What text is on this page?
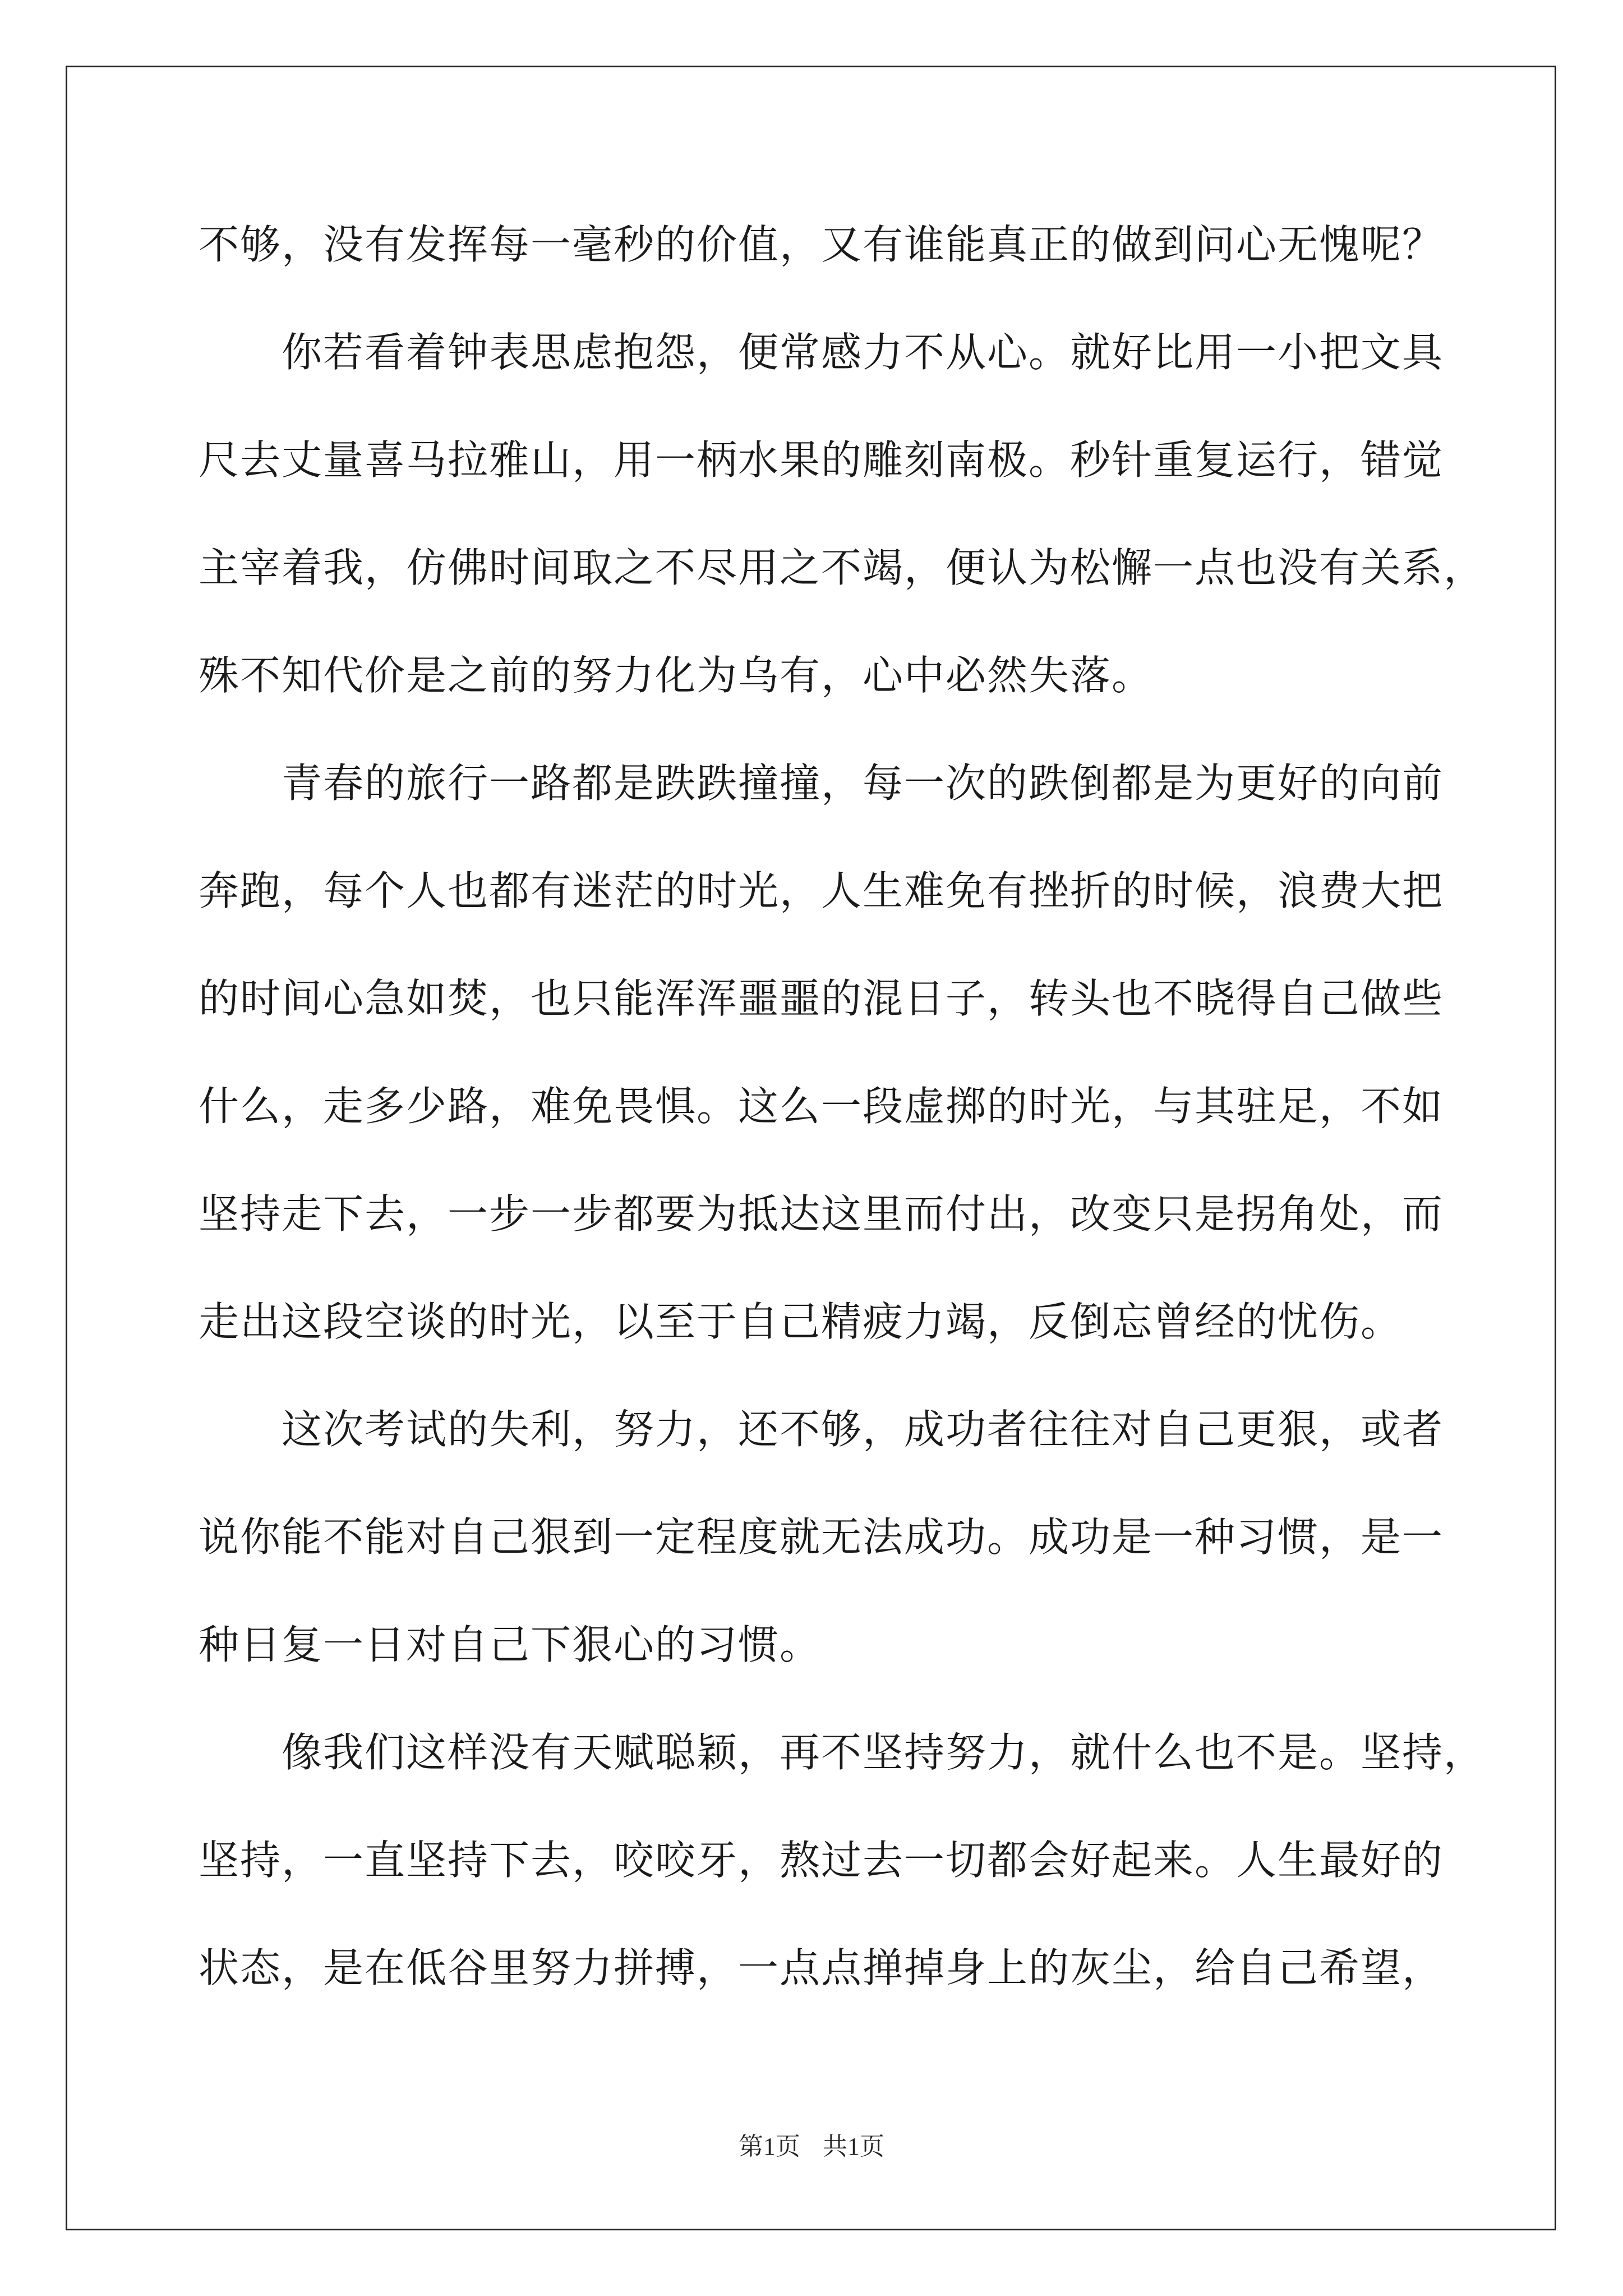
不够，没有发挥每一毫秒的价值，又有谁能真正的做到问心无愧呢？
你若看着钟表思虑抱怨，便常感力不从心。就好比用一小把文具
尺去丈量喜马拉雅山，用一柄水果的雕刻南极。秒针重复运行，错觉
主宰着我，仿佛时间取之不尽用之不竭，便认为松懈一点也没有关系，
殊不知代价是之前的努力化为乌有，心中必然失落。
青春的旅行一路都是跌跌撞撞，每一次的跌倒都是为更好的向前
奔跑，每个人也都有迷茫的时光，人生难免有挫折的时候，浪费大把
的时间心急如焚，也只能浑浑噩噩的混日子，转头也不晓得自己做些
什么，走多少路，难免畏惧。这么一段虚掷的时光，与其驻足，不如
坚持走下去，一步一步都要为抵达这里而付出，改变只是拐角处，而
走出这段空谈的时光，以至于自己精疲力竭，反倒忘曾经的忧伤。
这次考试的失利，努力，还不够，成功者往往对自己更狠，或者
说你能不能对自己狠到一定程度就无法成功。成功是一种习惯，是一
种日复一日对自己下狠心的习惯。
像我们这样没有天赋聪颖，再不坚持努力，就什么也不是。坚持，
坚持，一直坚持下去，咬咬牙，熬过去一切都会好起来。人生最好的
状态，是在低谷里努力拼搏，一点点掸掉身上的灰尘，给自己希望，
第1页 共1页
